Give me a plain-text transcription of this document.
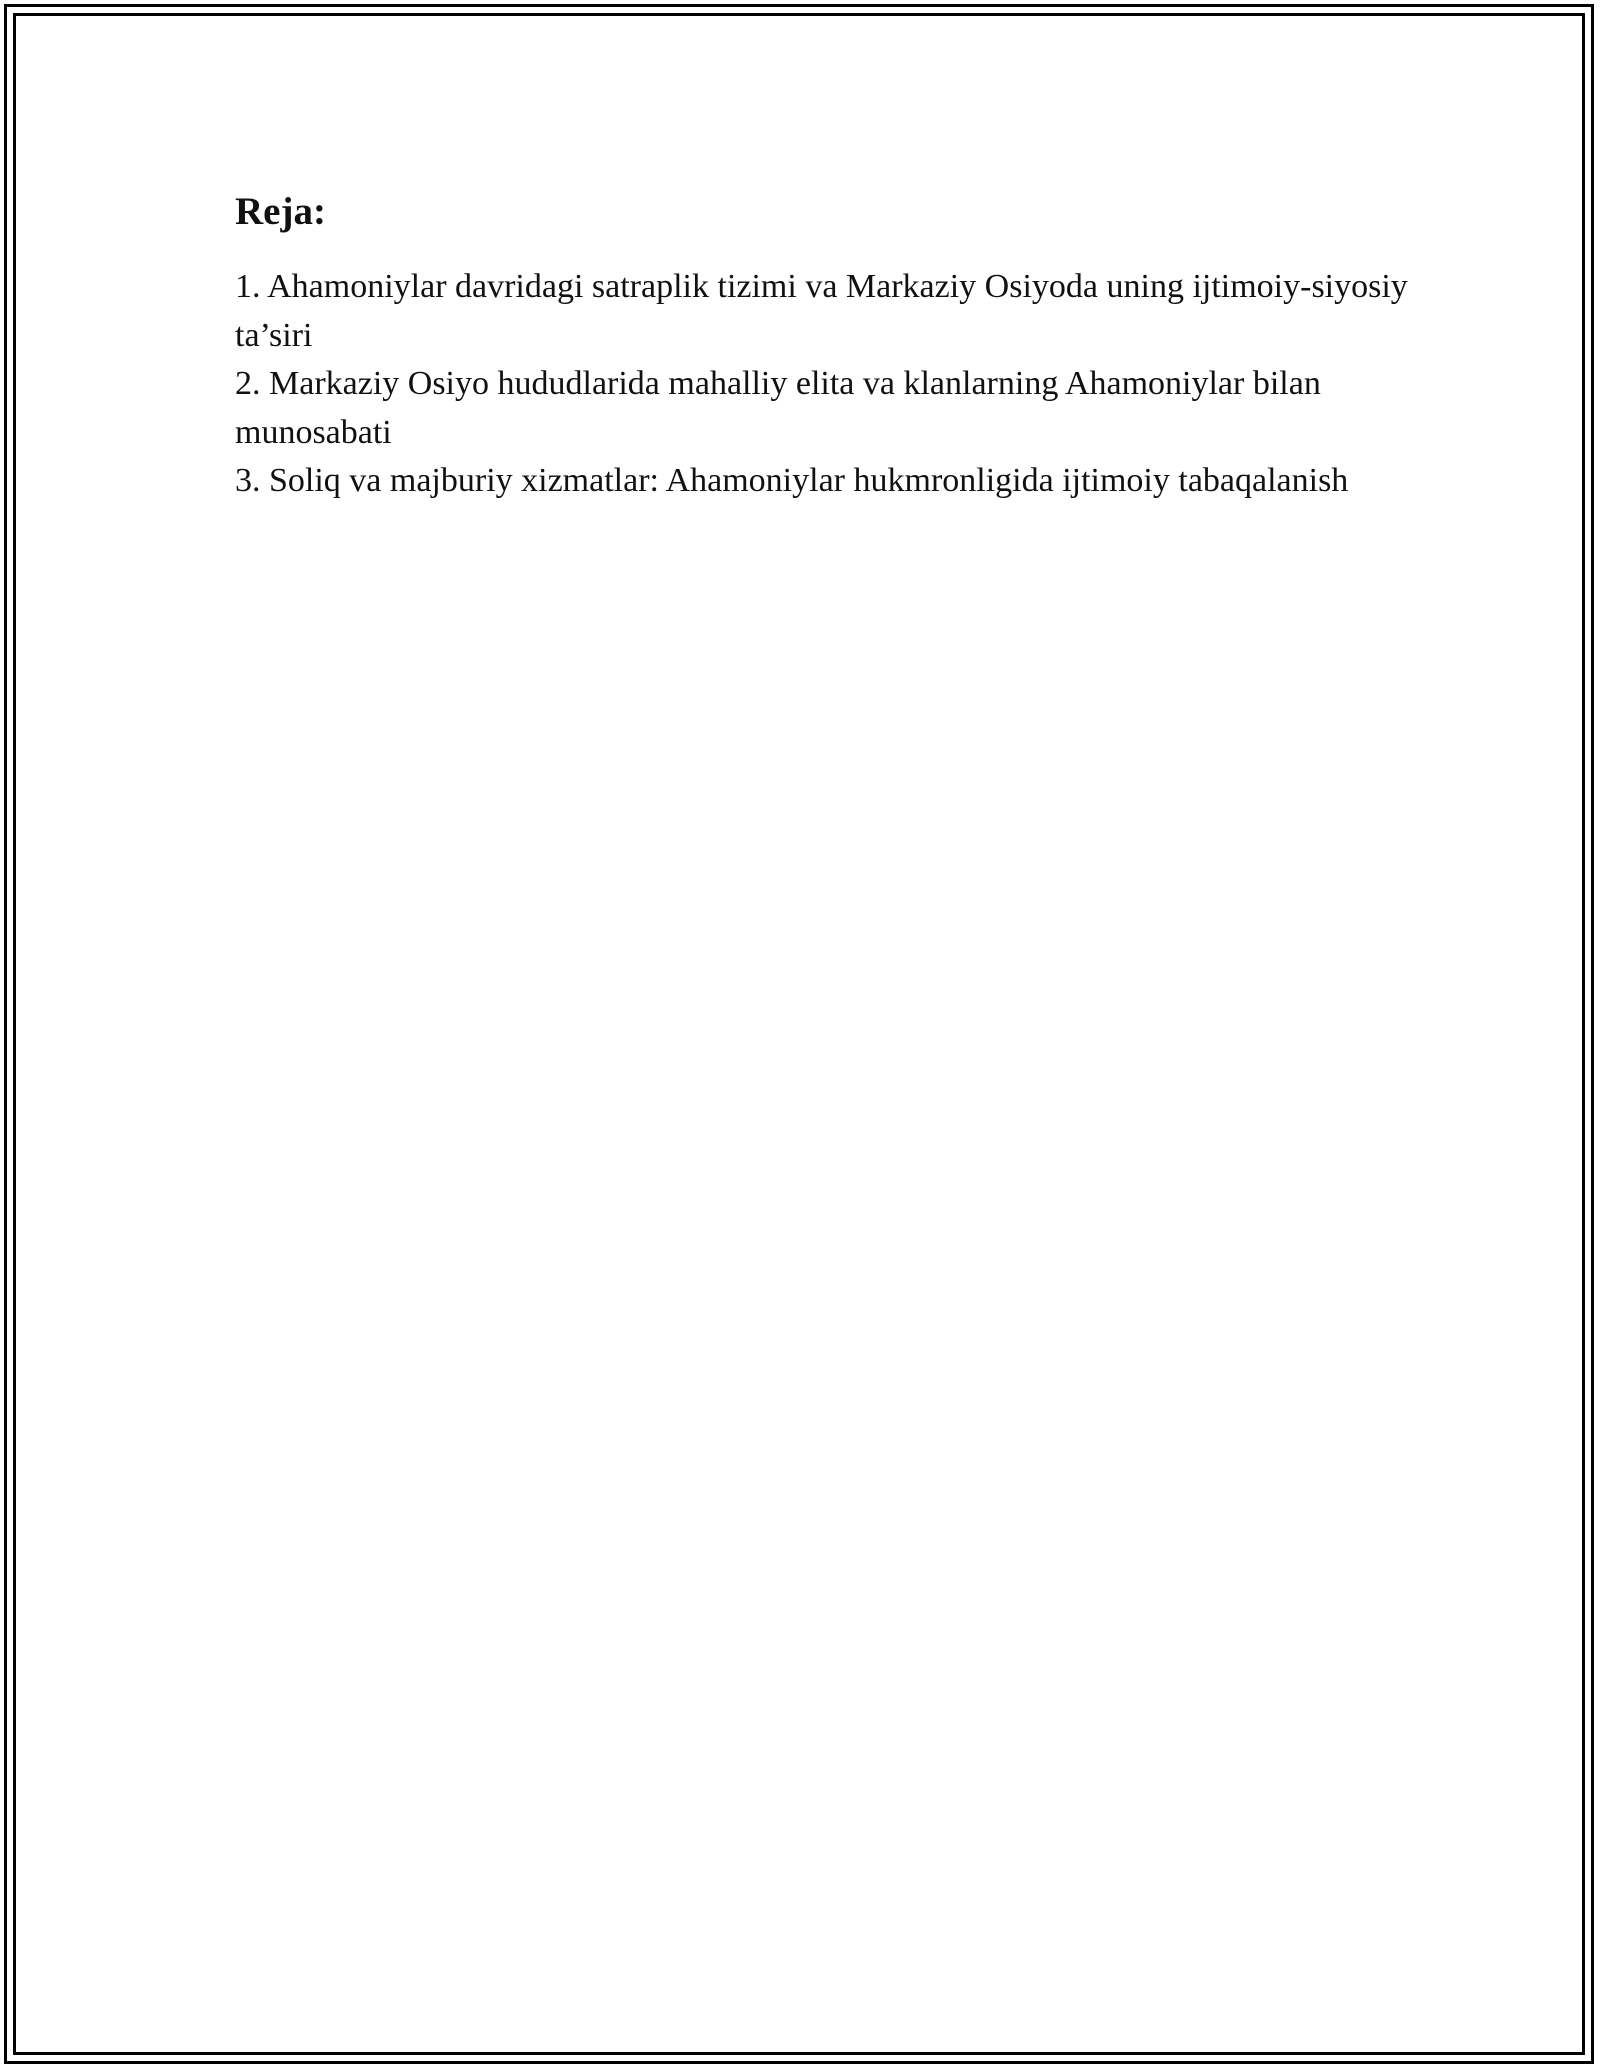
Reja:
1. Ahamoniylar davridagi satraplik tizimi va Markaziy Osiyoda uning ijtimoiy-siyosiy ta’siri
2. Markaziy Osiyo hududlarida mahalliy elita va klanlarning Ahamoniylar bilan munosabati
3. Soliq va majburiy xizmatlar: Ahamoniylar hukmronligida ijtimoiy tabaqalanish
